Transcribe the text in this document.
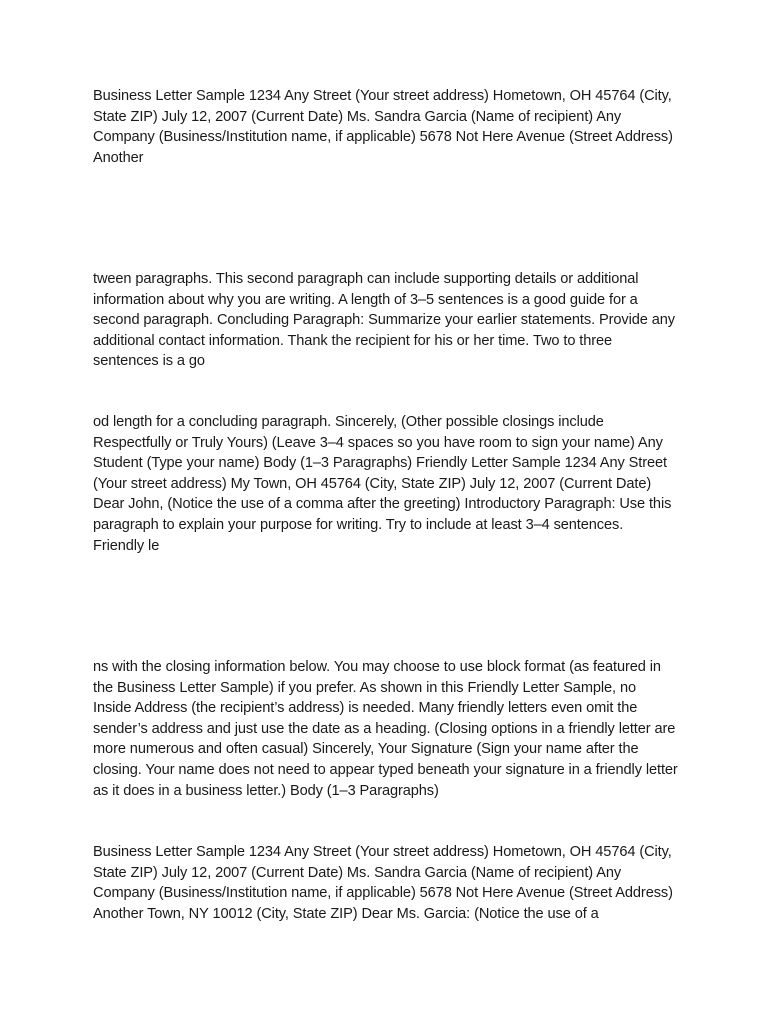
Business Letter Sample 1234 Any Street (Your street address) Hometown, OH 45764 (City, State ZIP) July 12, 2007 (Current Date) Ms. Sandra Garcia (Name of recipient) Any Company (Business/Institution name, if applicable) 5678 Not Here Avenue (Street Address) Another

tween paragraphs. This second paragraph can include supporting details or additional information about why you are writing. A length of 3–5 sentences is a good guide for a second paragraph. Concluding Paragraph: Summarize your earlier statements. Provide any additional contact information. Thank the recipient for his or her time. Two to three sentences is a go

od length for a concluding paragraph. Sincerely, (Other possible closings include Respectfully or Truly Yours) (Leave 3–4 spaces so you have room to sign your name) Any Student (Type your name) Body (1–3 Paragraphs) Friendly Letter Sample 1234 Any Street (Your street address) My Town, OH 45764 (City, State ZIP) July 12, 2007 (Current Date) Dear John, (Notice the use of a comma after the greeting) Introductory Paragraph: Use this paragraph to explain your purpose for writing. Try to include at least 3–4 sentences. Friendly le

ns with the closing information below. You may choose to use block format (as featured in the Business Letter Sample) if you prefer. As shown in this Friendly Letter Sample, no Inside Address (the recipient’s address) is needed. Many friendly letters even omit the sender’s address and just use the date as a heading. (Closing options in a friendly letter are more numerous and often casual) Sincerely, Your Signature (Sign your name after the closing. Your name does not need to appear typed beneath your signature in a friendly letter as it does in a business letter.) Body (1–3 Paragraphs)

Business Letter Sample 1234 Any Street (Your street address) Hometown, OH 45764 (City, State ZIP) July 12, 2007 (Current Date) Ms. Sandra Garcia (Name of recipient) Any Company (Business/Institution name, if applicable) 5678 Not Here Avenue (Street Address) Another Town, NY 10012 (City, State ZIP) Dear Ms. Garcia: (Notice the use of a
